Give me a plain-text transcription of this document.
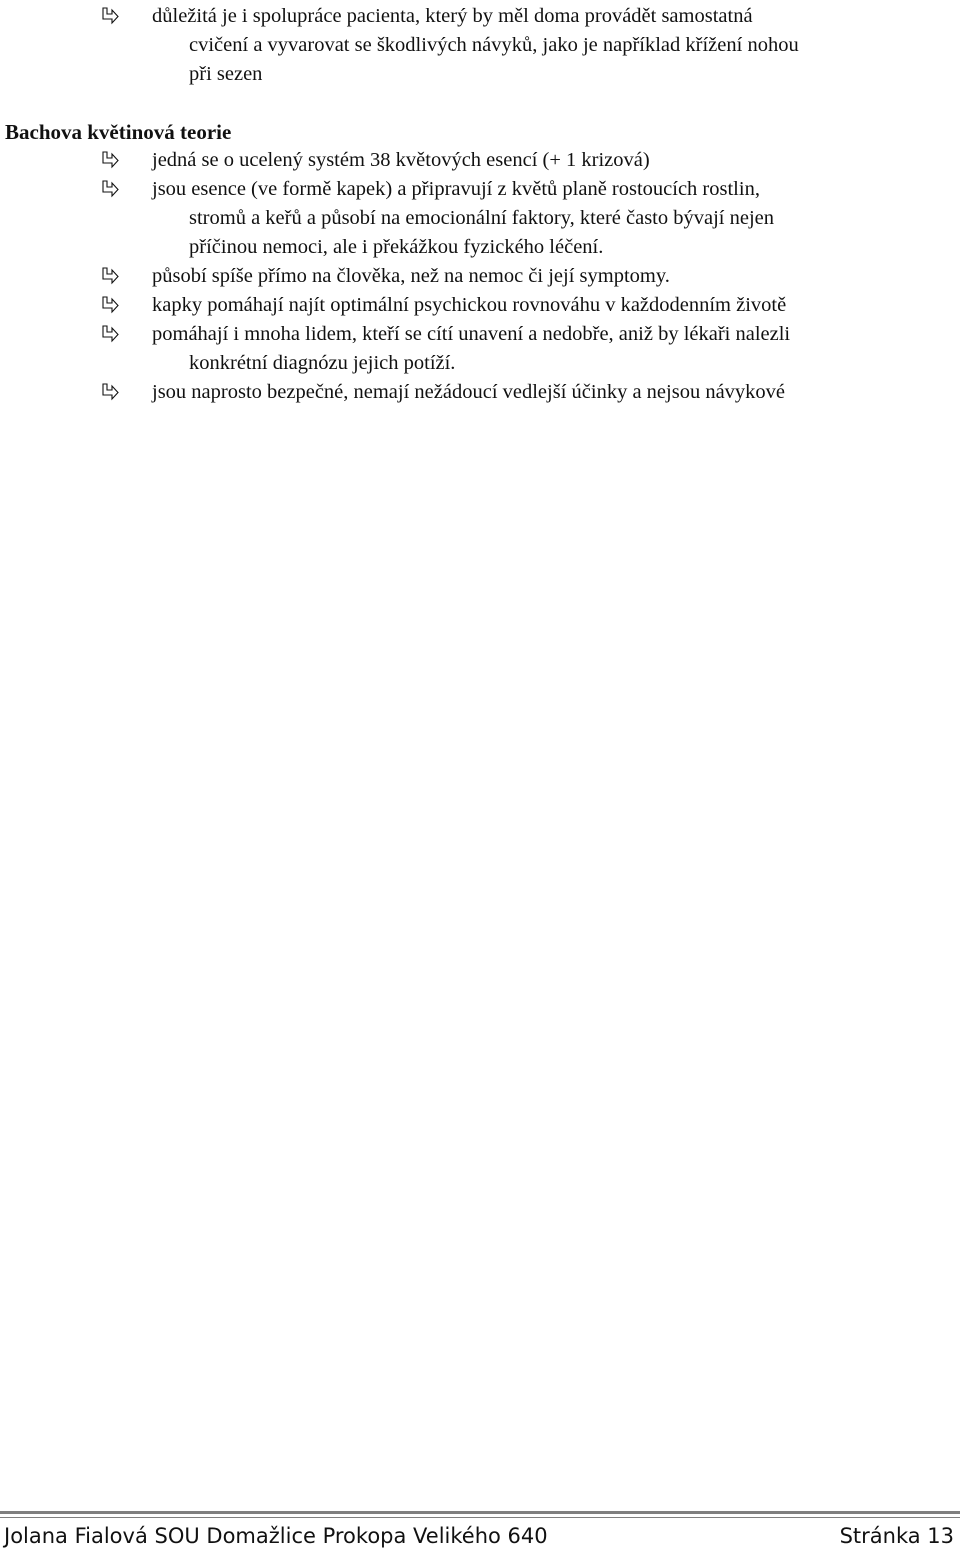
důležitá je i spolupráce pacienta, který by měl doma provádět samostatná
cvičení a vyvarovat se škodlivých návyků, jako je například křížení nohou
při sezen
Bachova květinová teorie
jedná se o ucelený systém 38 květových esencí (+ 1 krizová)
jsou esence (ve formě kapek) a připravují z květů planě rostoucích rostlin,
stromů a keřů a působí na emocionální faktory, které často bývají nejen
příčinou nemoci, ale i překážkou fyzického léčení.
působí spíše přímo na člověka, než na nemoc či její symptomy.
kapky pomáhají najít optimální psychickou rovnováhu v každodenním životě
pomáhají i mnoha lidem, kteří se cítí unavení a nedobře, aniž by lékaři nalezli
konkrétní diagnózu jejich potíží.
jsou naprosto bezpečné, nemají nežádoucí vedlejší účinky a nejsou návykové
Jolana Fialová SOU Domažlice Prokopa Velikého 640	Stránka 13
